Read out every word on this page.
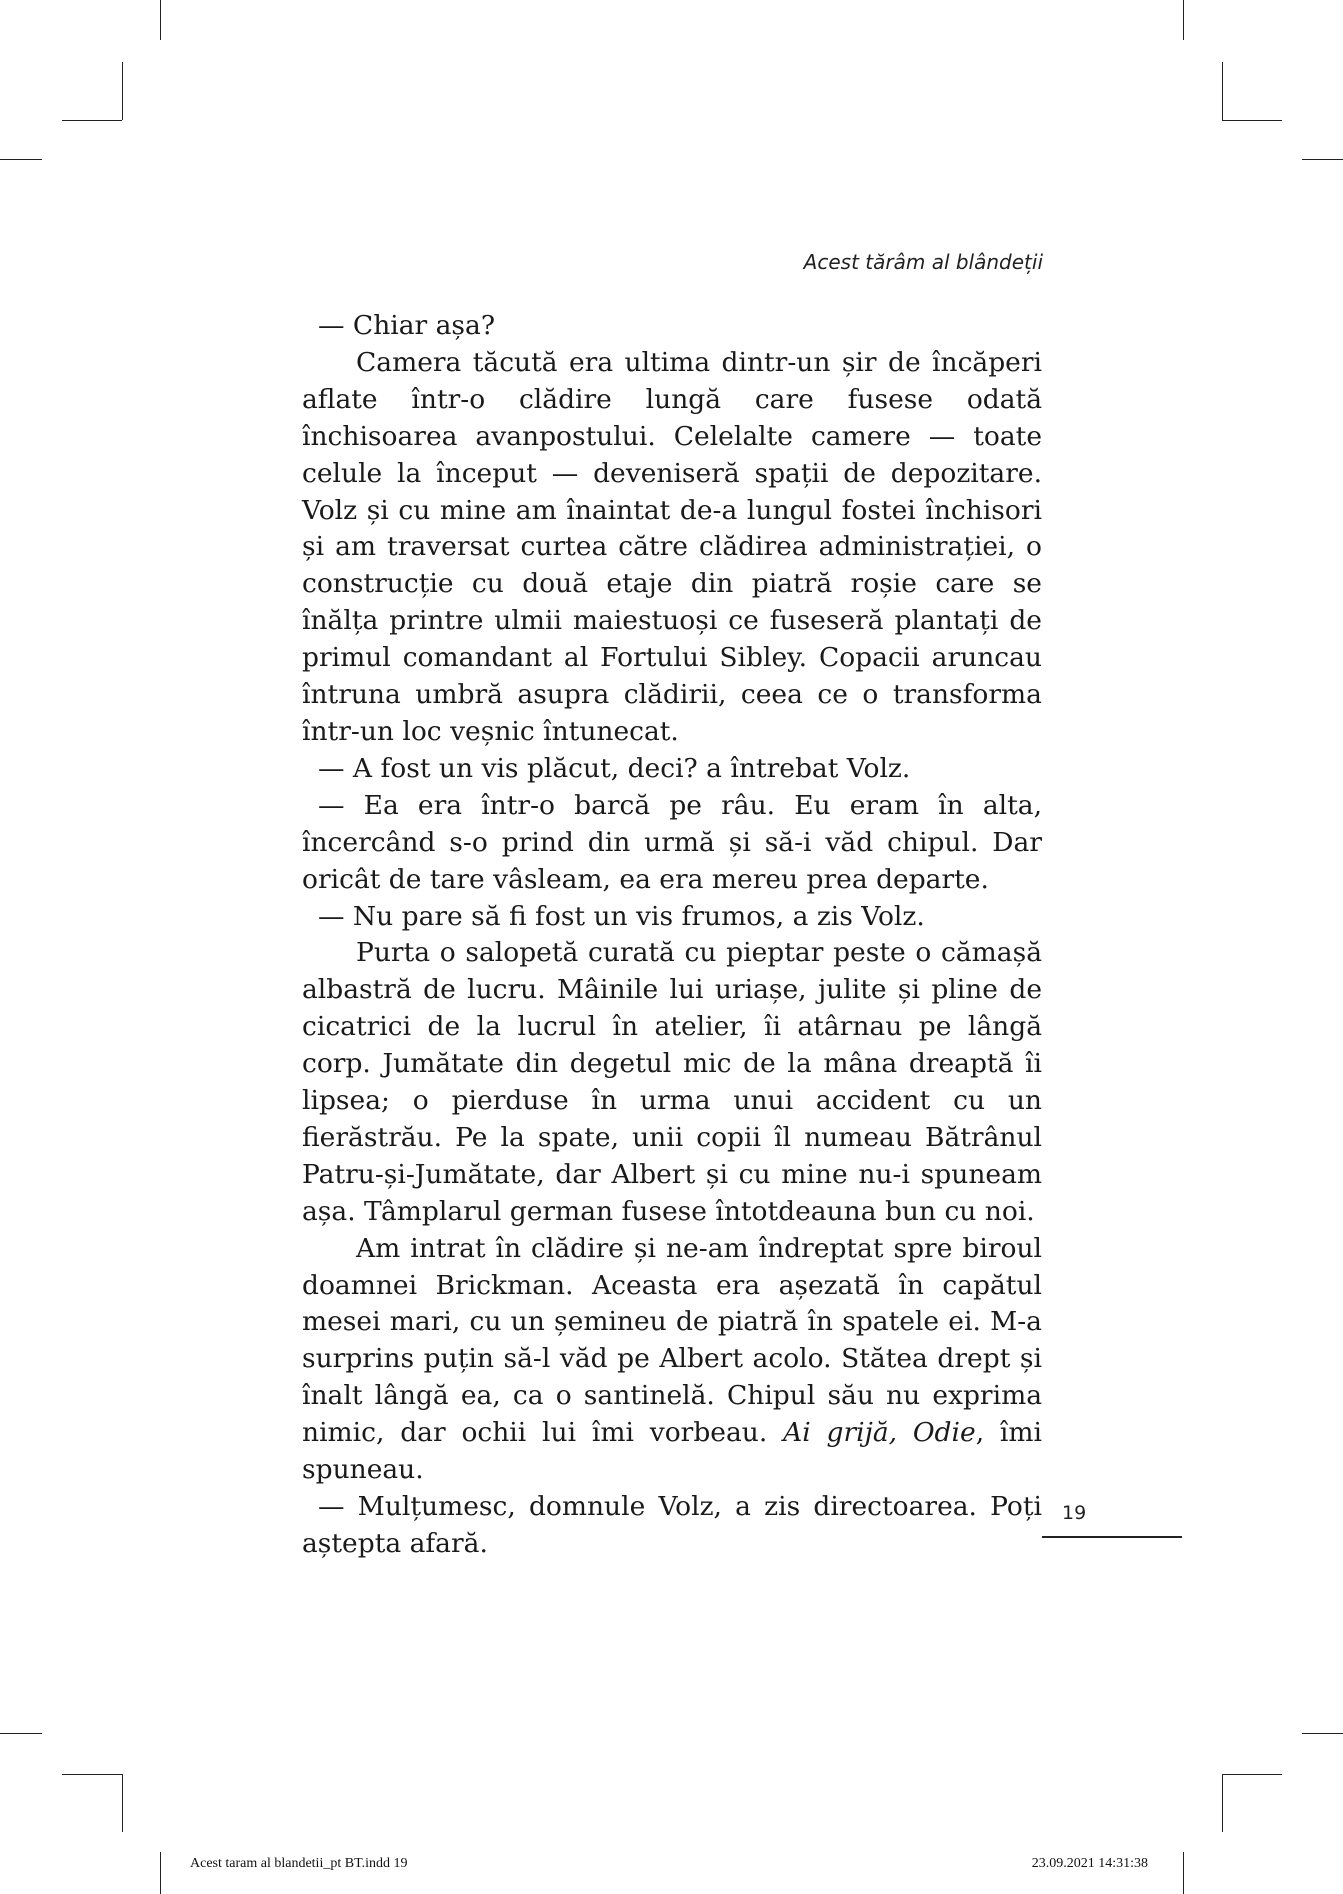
Acest tărâm al blândeții

— Chiar așa?

Camera tăcută era ultima dintr-un șir de încăperi aflate într-o clădire lungă care fusese odată închisoarea avanpostului. Celelalte camere — toate celule la început — deveniseră spații de depozitare. Volz și cu mine am înaintat de-a lungul fostei închisori și am traversat curtea către clădirea administrației, o construcție cu două etaje din piatră roșie care se înălța printre ulmii maiestuoși ce fuseseră plantați de primul comandant al Fortului Sibley. Copacii aruncau întruna umbră asupra clădirii, ceea ce o transforma într-un loc veșnic întunecat.

— A fost un vis plăcut, deci? a întrebat Volz.

— Ea era într-o barcă pe râu. Eu eram în alta, încercând s-o prind din urmă și să-i văd chipul. Dar oricât de tare vâsleam, ea era mereu prea departe.

— Nu pare să fi fost un vis frumos, a zis Volz.

Purta o salopetă curată cu pieptar peste o cămașă albastră de lucru. Mâinile lui uriașe, julite și pline de cicatrici de la lucrul în atelier, îi atârnau pe lângă corp. Jumătate din degetul mic de la mâna dreaptă îi lipsea; o pierduse în urma unui accident cu un fierăstrău. Pe la spate, unii copii îl numeau Bătrânul Patru-și-Jumătate, dar Albert și cu mine nu-i spuneam așa. Tâmplarul german fusese întotdeauna bun cu noi.

Am intrat în clădire și ne-am îndreptat spre biroul doamnei Brickman. Aceasta era așezată în capătul mesei mari, cu un șemineu de piatră în spatele ei. M-a surprins puțin să-l văd pe Albert acolo. Stătea drept și înalt lângă ea, ca o santinelă. Chipul său nu exprima nimic, dar ochii lui îmi vorbeau. Ai grijă, Odie, îmi spuneau.

— Mulțumesc, domnule Volz, a zis directoarea. Poți aștepta afară.

19
Acest taram al blandetii_pt BT.indd 19	23.09.2021 14:31:38
